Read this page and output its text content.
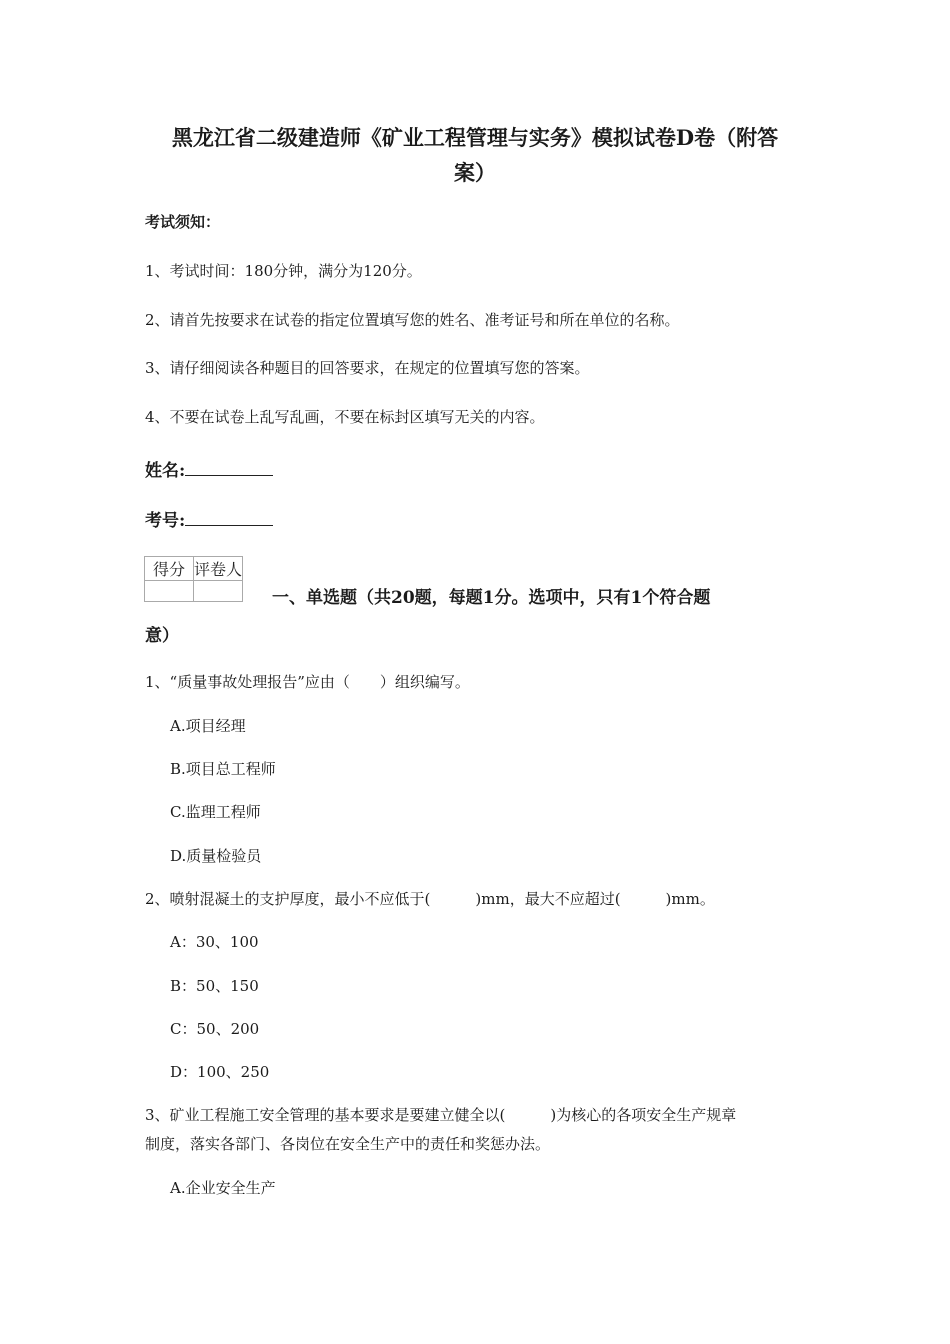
黑龙江省二级建造师《矿业工程管理与实务》模拟试卷D卷（附答
案）
考试须知：
1、考试时间：180分钟，满分为120分。
2、请首先按要求在试卷的指定位置填写您的姓名、准考证号和所在单位的名称。
3、请仔细阅读各种题目的回答要求，在规定的位置填写您的答案。
4、不要在试卷上乱写乱画，不要在标封区填写无关的内容。
姓名:
考号:
得分	评卷人

一、单选题（共20题，每题1分。选项中，只有1个符合题
意）
1、“质量事故处理报告”应由（　　）组织编写。
A.项目经理
B.项目总工程师
C.监理工程师
D.质量检验员
2、喷射混凝土的支护厚度，最小不应低于(　　　)mm，最大不应超过(　　　)mm。
A：30、100
B：50、150
C：50、200
D：100、250
3、矿业工程施工安全管理的基本要求是要建立健全以(　　　)为核心的各项安全生产规章
制度，落实各部门、各岗位在安全生产中的责任和奖惩办法。
A.企业安全生产
